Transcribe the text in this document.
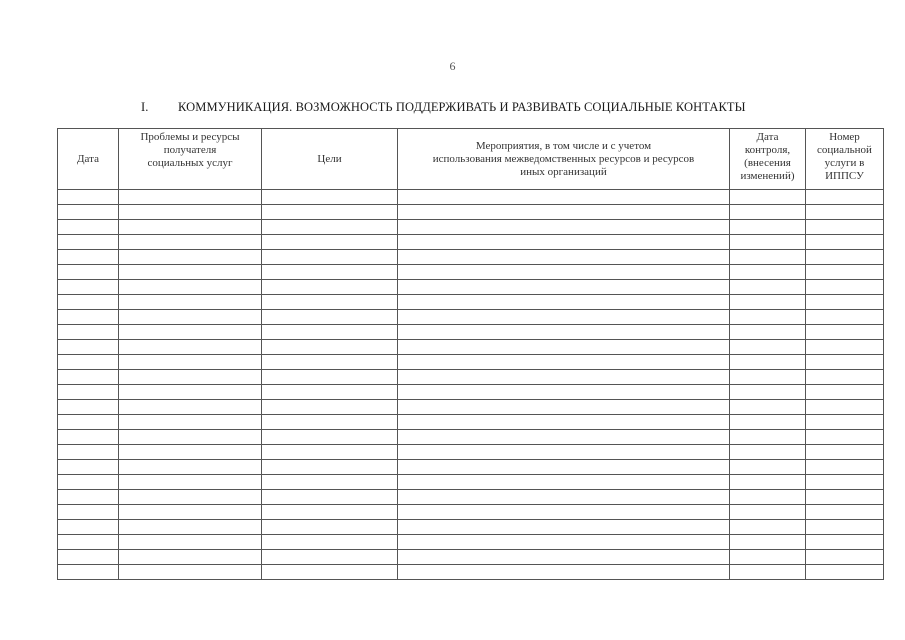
6
I. КОММУНИКАЦИЯ. ВОЗМОЖНОСТЬ ПОДДЕРЖИВАТЬ И РАЗВИВАТЬ СОЦИАЛЬНЫЕ КОНТАКТЫ
Дата	Проблемы и ресурсы
получателя
социальных услуг	Цели	Мероприятия, в том числе и с учетом
использования межведомственных ресурсов и ресурсов
иных организаций	Дата
контроля,
(внесения
изменений)	Номер
социальной
услуги в
ИППСУ
